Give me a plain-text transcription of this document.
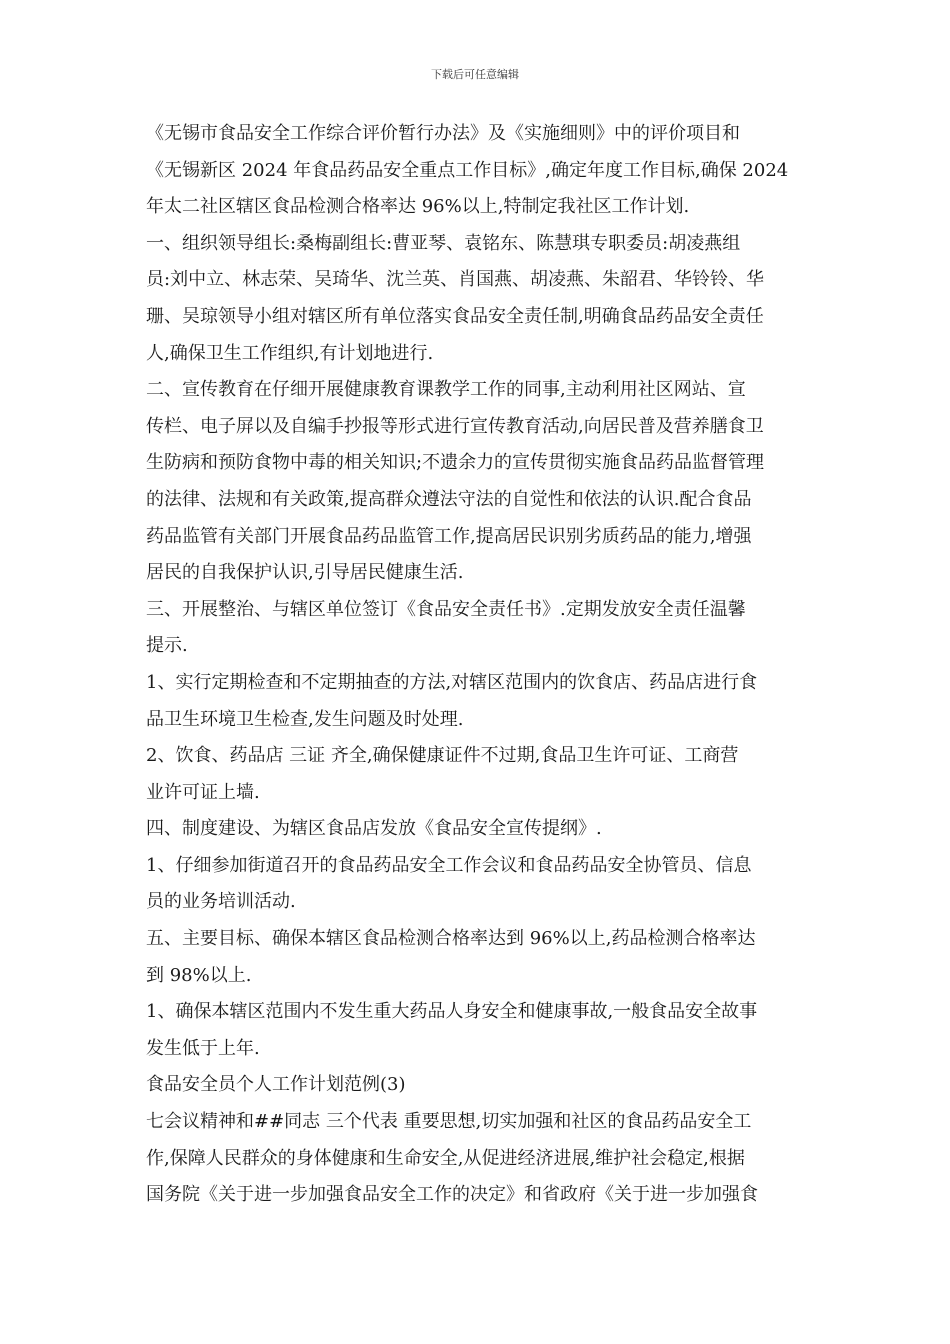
下载后可任意编辑
《无锡市食品安全工作综合评价暂行办法》及《实施细则》中的评价项目和
《无锡新区 2024 年食品药品安全重点工作目标》,确定年度工作目标,确保 2024
年太二社区辖区食品检测合格率达 96%以上,特制定我社区工作计划.
一、组织领导组长:桑梅副组长:曹亚琴、袁铭东、陈慧琪专职委员:胡凌燕组
员:刘中立、林志荣、吴琦华、沈兰英、肖国燕、胡凌燕、朱韶君、华铃铃、华
珊、吴琼领导小组对辖区所有单位落实食品安全责任制,明确食品药品安全责任
人,确保卫生工作组织,有计划地进行.
二、宣传教育在仔细开展健康教育课教学工作的同事,主动利用社区网站、宣
传栏、电子屏以及自编手抄报等形式进行宣传教育活动,向居民普及营养膳食卫
生防病和预防食物中毒的相关知识;不遗余力的宣传贯彻实施食品药品监督管理
的法律、法规和有关政策,提高群众遵法守法的自觉性和依法的认识.配合食品
药品监管有关部门开展食品药品监管工作,提高居民识别劣质药品的能力,增强
居民的自我保护认识,引导居民健康生活.
三、开展整治、与辖区单位签订《食品安全责任书》.定期发放安全责任温馨
提示.
1、实行定期检查和不定期抽查的方法,对辖区范围内的饮食店、药品店进行食
品卫生环境卫生检查,发生问题及时处理.
2、饮食、药品店 三证 齐全,确保健康证件不过期,食品卫生许可证、工商营
业许可证上墙.
四、制度建设、为辖区食品店发放《食品安全宣传提纲》.
1、仔细参加街道召开的食品药品安全工作会议和食品药品安全协管员、信息
员的业务培训活动.
五、主要目标、确保本辖区食品检测合格率达到 96%以上,药品检测合格率达
到 98%以上.
1、确保本辖区范围内不发生重大药品人身安全和健康事故,一般食品安全故事
发生低于上年.
食品安全员个人工作计划范例(3)
七会议精神和##同志 三个代表 重要思想,切实加强和社区的食品药品安全工
作,保障人民群众的身体健康和生命安全,从促进经济进展,维护社会稳定,根据
国务院《关于进一步加强食品安全工作的决定》和省政府《关于进一步加强食
